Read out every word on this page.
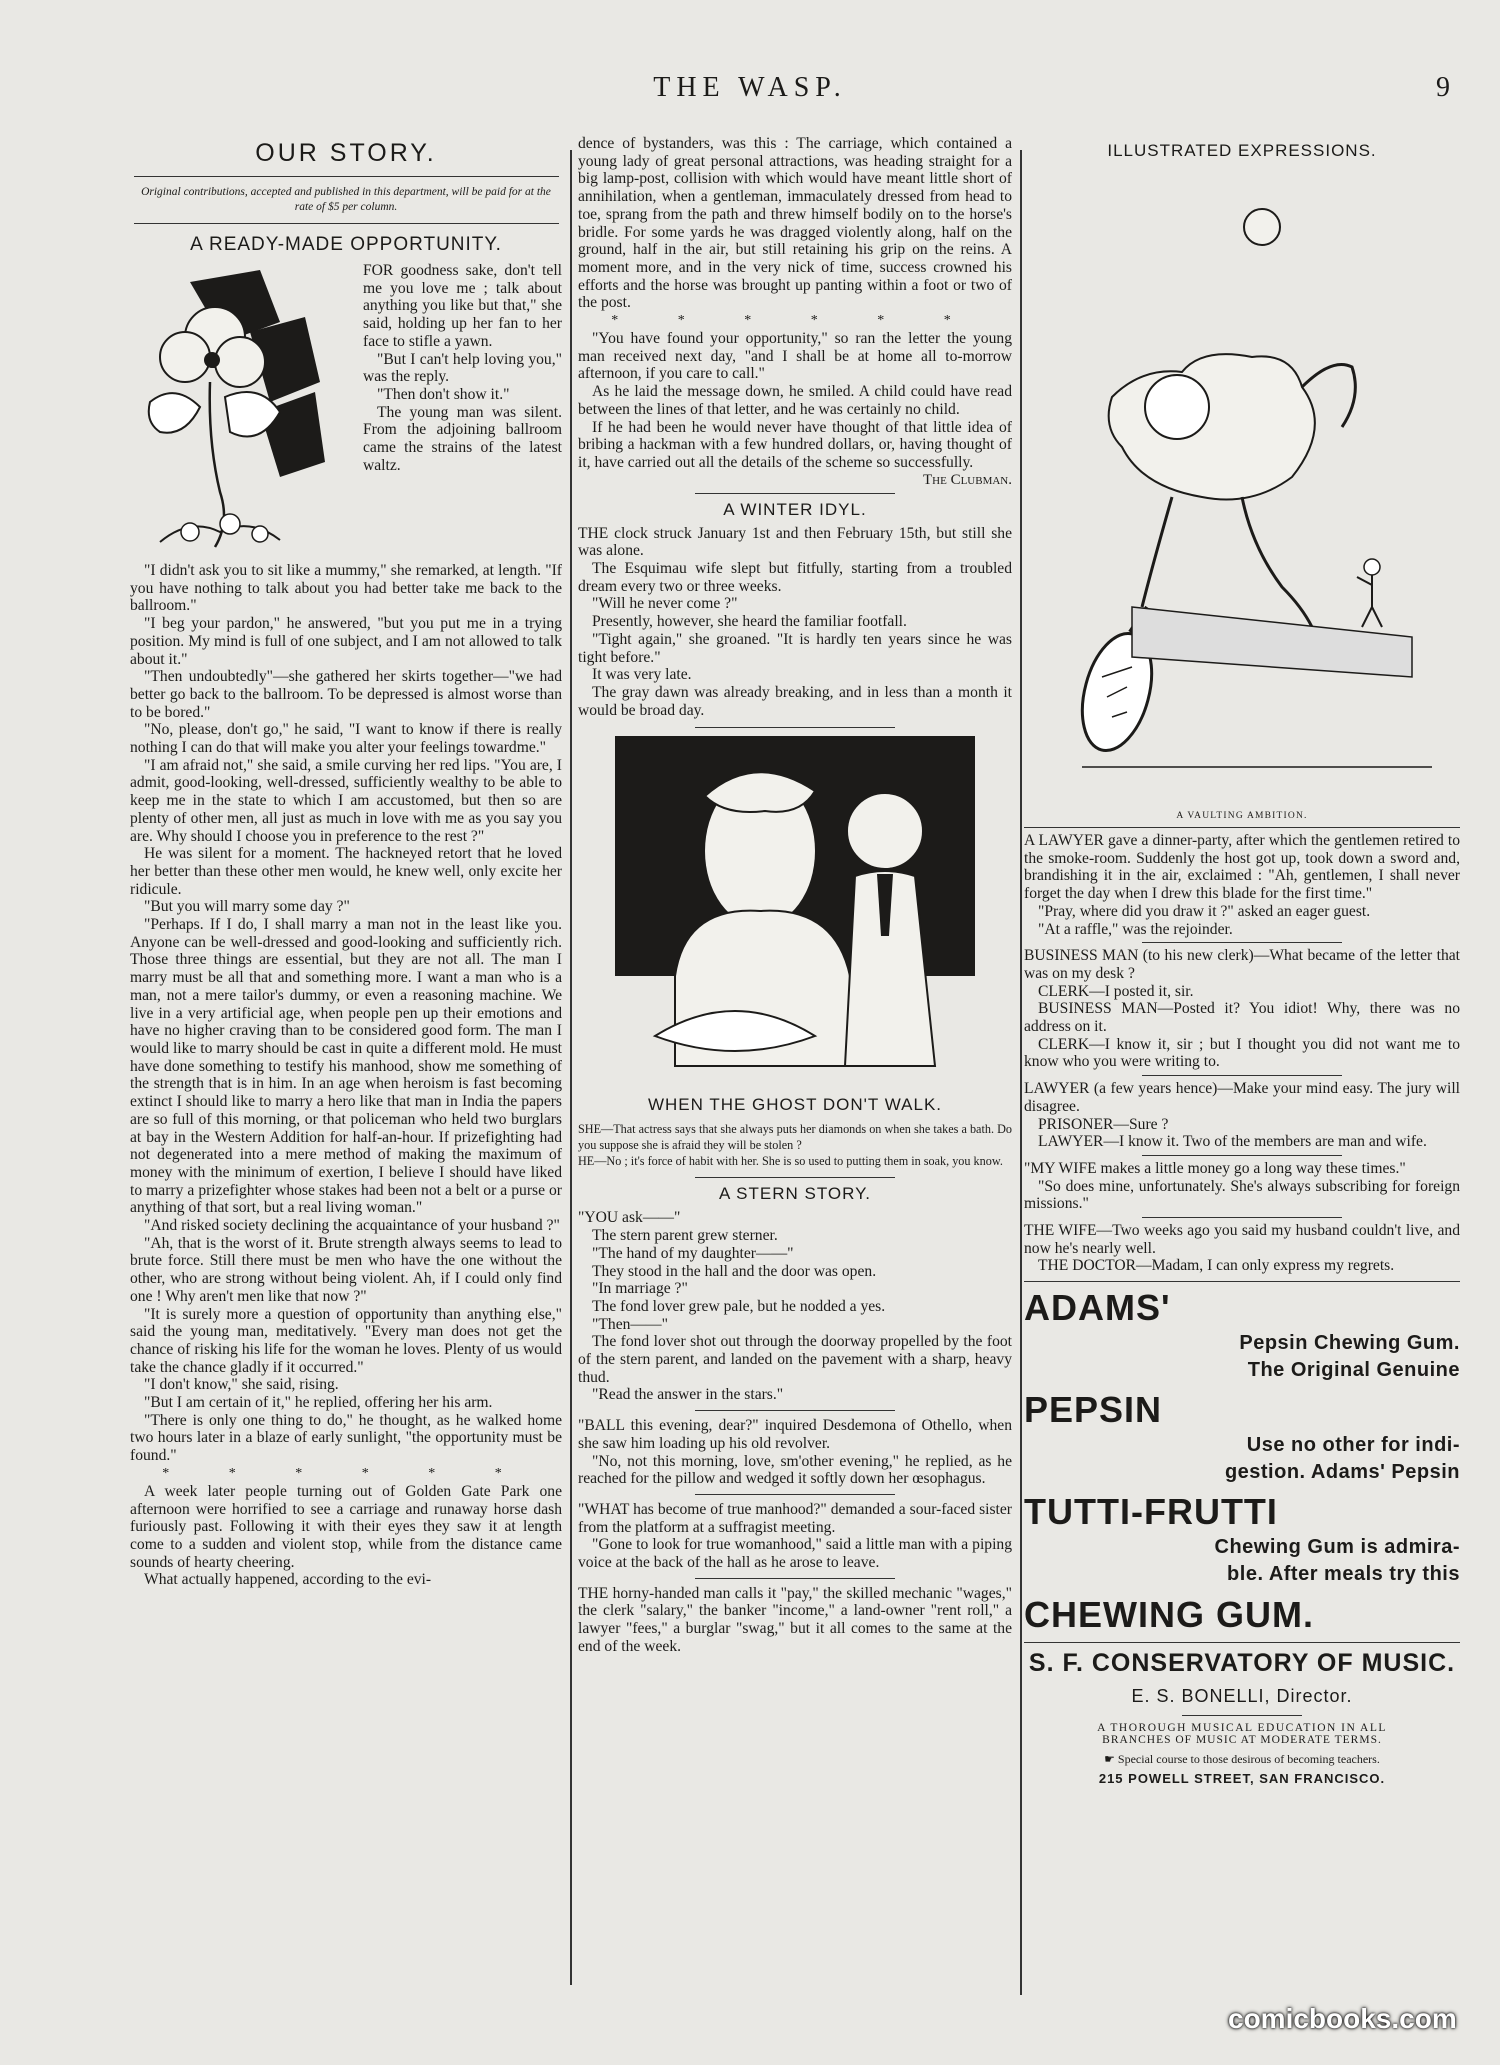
THE WASP.	9
OUR STORY.
Original contributions, accepted and published in this department, will be paid for at the rate of $5 per column.
A READY-MADE OPPORTUNITY.

FOR goodness sake, don't tell me you love me ; talk about anything you like but that," she said, holding up her fan to her face to stifle a yawn.

"But I can't help loving you," was the reply.

"Then don't show it."

The young man was silent. From the adjoining ballroom came the strains of the latest waltz.

"I didn't ask you to sit like a mummy," she remarked, at length. "If you have nothing to talk about you had better take me back to the ballroom."

"I beg your pardon," he answered, "but you put me in a trying position. My mind is full of one subject, and I am not allowed to talk about it."

"Then undoubtedly"—she gathered her skirts together—"we had better go back to the ballroom. To be depressed is almost worse than to be bored."

"No, please, don't go," he said, "I want to know if there is really nothing I can do that will make you alter your feelings towardme."

"I am afraid not," she said, a smile curving her red lips. "You are, I admit, good-looking, well-dressed, sufficiently wealthy to be able to keep me in the state to which I am accustomed, but then so are plenty of other men, all just as much in love with me as you say you are. Why should I choose you in preference to the rest ?"

He was silent for a moment. The hackneyed retort that he loved her better than these other men would, he knew well, only excite her ridicule.

"But you will marry some day ?"

"Perhaps. If I do, I shall marry a man not in the least like you. Anyone can be well-dressed and good-looking and sufficiently rich. Those three things are essential, but they are not all. The man I marry must be all that and something more. I want a man who is a man, not a mere tailor's dummy, or even a reasoning machine. We live in a very artificial age, when people pen up their emotions and have no higher craving than to be considered good form. The man I would like to marry should be cast in quite a different mold. He must have done something to testify his manhood, show me something of the strength that is in him. In an age when heroism is fast becoming extinct I should like to marry a hero like that man in India the papers are so full of this morning, or that policeman who held two burglars at bay in the Western Addition for half-an-hour. If prizefighting had not degenerated into a mere method of making the maximum of money with the minimum of exertion, I believe I should have liked to marry a prizefighter whose stakes had been not a belt or a purse or anything of that sort, but a real living woman."

"And risked society declining the acquaintance of your husband ?"

"Ah, that is the worst of it. Brute strength always seems to lead to brute force. Still there must be men who have the one without the other, who are strong without being violent. Ah, if I could only find one ! Why aren't men like that now ?"

"It is surely more a question of opportunity than anything else," said the young man, meditatively. "Every man does not get the chance of risking his life for the woman he loves. Plenty of us would take the chance gladly if it occurred."

"I don't know," she said, rising.

"But I am certain of it," he replied, offering her his arm.

"There is only one thing to do," he thought, as he walked home two hours later in a blaze of early sunlight, "the opportunity must be found."

* * * * * *

A week later people turning out of Golden Gate Park one afternoon were horrified to see a carriage and runaway horse dash furiously past. Following it with their eyes they saw it at length come to a sudden and violent stop, while from the distance came sounds of hearty cheering.

What actually happened, according to the evi-

dence of bystanders, was this : The carriage, which contained a young lady of great personal attractions, was heading straight for a big lamp-post, collision with which would have meant little short of annihilation, when a gentleman, immaculately dressed from head to toe, sprang from the path and threw himself bodily on to the horse's bridle. For some yards he was dragged violently along, half on the ground, half in the air, but still retaining his grip on the reins. A moment more, and in the very nick of time, success crowned his efforts and the horse was brought up panting within a foot or two of the post.

* * * * * *

"You have found your opportunity," so ran the letter the young man received next day, "and I shall be at home all to-morrow afternoon, if you care to call."

As he laid the message down, he smiled. A child could have read between the lines of that letter, and he was certainly no child.

If he had been he would never have thought of that little idea of bribing a hackman with a few hundred dollars, or, having thought of it, have carried out all the details of the scheme so successfully.

The Clubman.
A WINTER IDYL.

THE clock struck January 1st and then February 15th, but still she was alone.

The Esquimau wife slept but fitfully, starting from a troubled dream every two or three weeks.

"Will he never come ?"

Presently, however, she heard the familiar footfall.

"Tight again," she groaned. "It is hardly ten years since he was tight before."

It was very late.

The gray dawn was already breaking, and in less than a month it would be broad day.

WHEN THE GHOST DON'T WALK.

SHE—That actress says that she always puts her diamonds on when she takes a bath. Do you suppose she is afraid they will be stolen ?

HE—No ; it's force of habit with her. She is so used to putting them in soak, you know.

A STERN STORY.

"YOU ask——"

The stern parent grew sterner.

"The hand of my daughter——"

They stood in the hall and the door was open.

"In marriage ?"

The fond lover grew pale, but he nodded a yes.

"Then——"

The fond lover shot out through the doorway propelled by the foot of the stern parent, and landed on the pavement with a sharp, heavy thud.

"Read the answer in the stars."

"BALL this evening, dear?" inquired Desdemona of Othello, when she saw him loading up his old revolver.

"No, not this morning, love, sm'other evening," he replied, as he reached for the pillow and wedged it softly down her œsophagus.

"WHAT has become of true manhood?" demanded a sour-faced sister from the platform at a suffragist meeting.

"Gone to look for true womanhood," said a little man with a piping voice at the back of the hall as he arose to leave.

THE horny-handed man calls it "pay," the skilled mechanic "wages," the clerk "salary," the banker "income," a land-owner "rent roll," a lawyer "fees," a burglar "swag," but it all comes to the same at the end of the week.

ILLUSTRATED EXPRESSIONS.
A VAULTING AMBITION.

A LAWYER gave a dinner-party, after which the gentlemen retired to the smoke-room. Suddenly the host got up, took down a sword and, brandishing it in the air, exclaimed : "Ah, gentlemen, I shall never forget the day when I drew this blade for the first time."

"Pray, where did you draw it ?" asked an eager guest.

"At a raffle," was the rejoinder.

BUSINESS MAN (to his new clerk)—What became of the letter that was on my desk ?

CLERK—I posted it, sir.

BUSINESS MAN—Posted it? You idiot! Why, there was no address on it.

CLERK—I know it, sir ; but I thought you did not want me to know who you were writing to.

LAWYER (a few years hence)—Make your mind easy. The jury will disagree.

PRISONER—Sure ?

LAWYER—I know it. Two of the members are man and wife.

"MY WIFE makes a little money go a long way these times."

"So does mine, unfortunately. She's always subscribing for foreign missions."

THE WIFE—Two weeks ago you said my husband couldn't live, and now he's nearly well.

THE DOCTOR—Madam, I can only express my regrets.

ADAMS'
Pepsin Chewing Gum.
The Original Genuine
PEPSIN
Use no other for indi-
gestion. Adams' Pepsin
TUTTI-FRUTTI
Chewing Gum is admira-
ble. After meals try this
CHEWING GUM.
S. F. CONSERVATORY OF MUSIC.
E. S. BONELLI, Director.
A THOROUGH MUSICAL EDUCATION IN ALL
BRANCHES OF MUSIC AT MODERATE TERMS.
☛ Special course to those desirous of becoming teachers.
215 POWELL STREET, SAN FRANCISCO.
comicbooks.com
